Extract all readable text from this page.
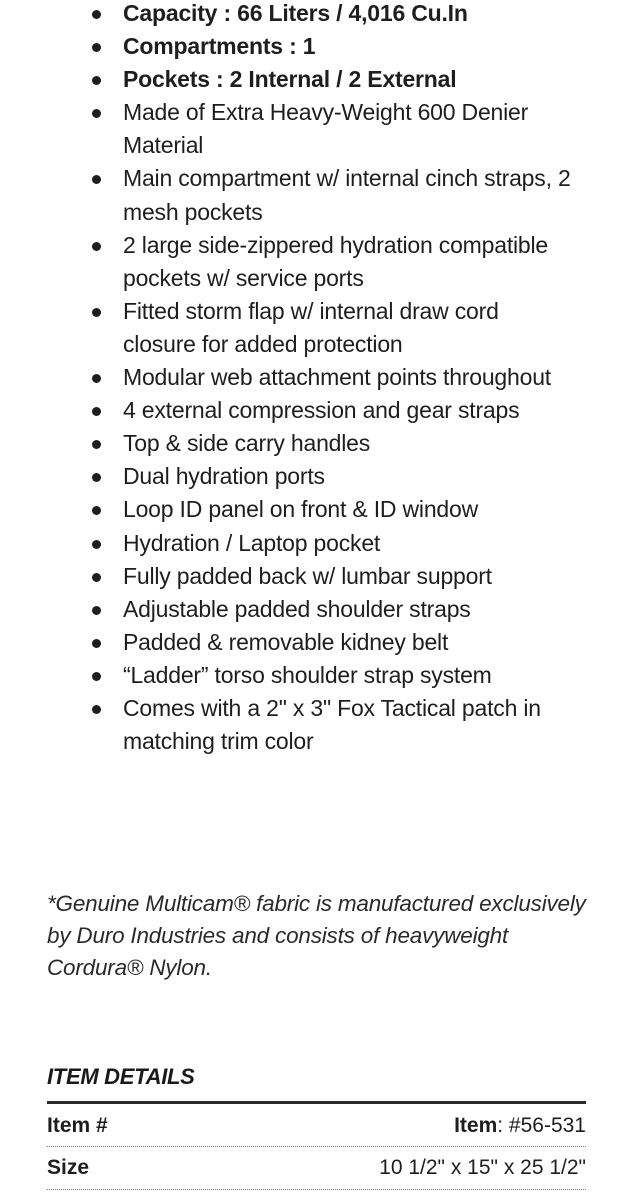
Capacity : 66 Liters / 4,016 Cu.In
Compartments : 1
Pockets : 2 Internal / 2 External
Made of Extra Heavy-Weight 600 Denier Material
Main compartment w/ internal cinch straps, 2 mesh pockets
2 large side-zippered hydration compatible pockets w/ service ports
Fitted storm flap w/ internal draw cord closure for added protection
Modular web attachment points throughout
4 external compression and gear straps
Top & side carry handles
Dual hydration ports
Loop ID panel on front & ID window
Hydration / Laptop pocket
Fully padded back w/ lumbar support
Adjustable padded shoulder straps
Padded & removable kidney belt
“Ladder” torso shoulder strap system
Comes with a 2" x 3" Fox Tactical patch in matching trim color
*Genuine Multicam® fabric is manufactured exclusively by Duro Industries and consists of heavyweight Cordura® Nylon.
ITEM DETAILS
Item #	Item: #56-531
Size	10 1/2" x 15" x 25 1/2"
